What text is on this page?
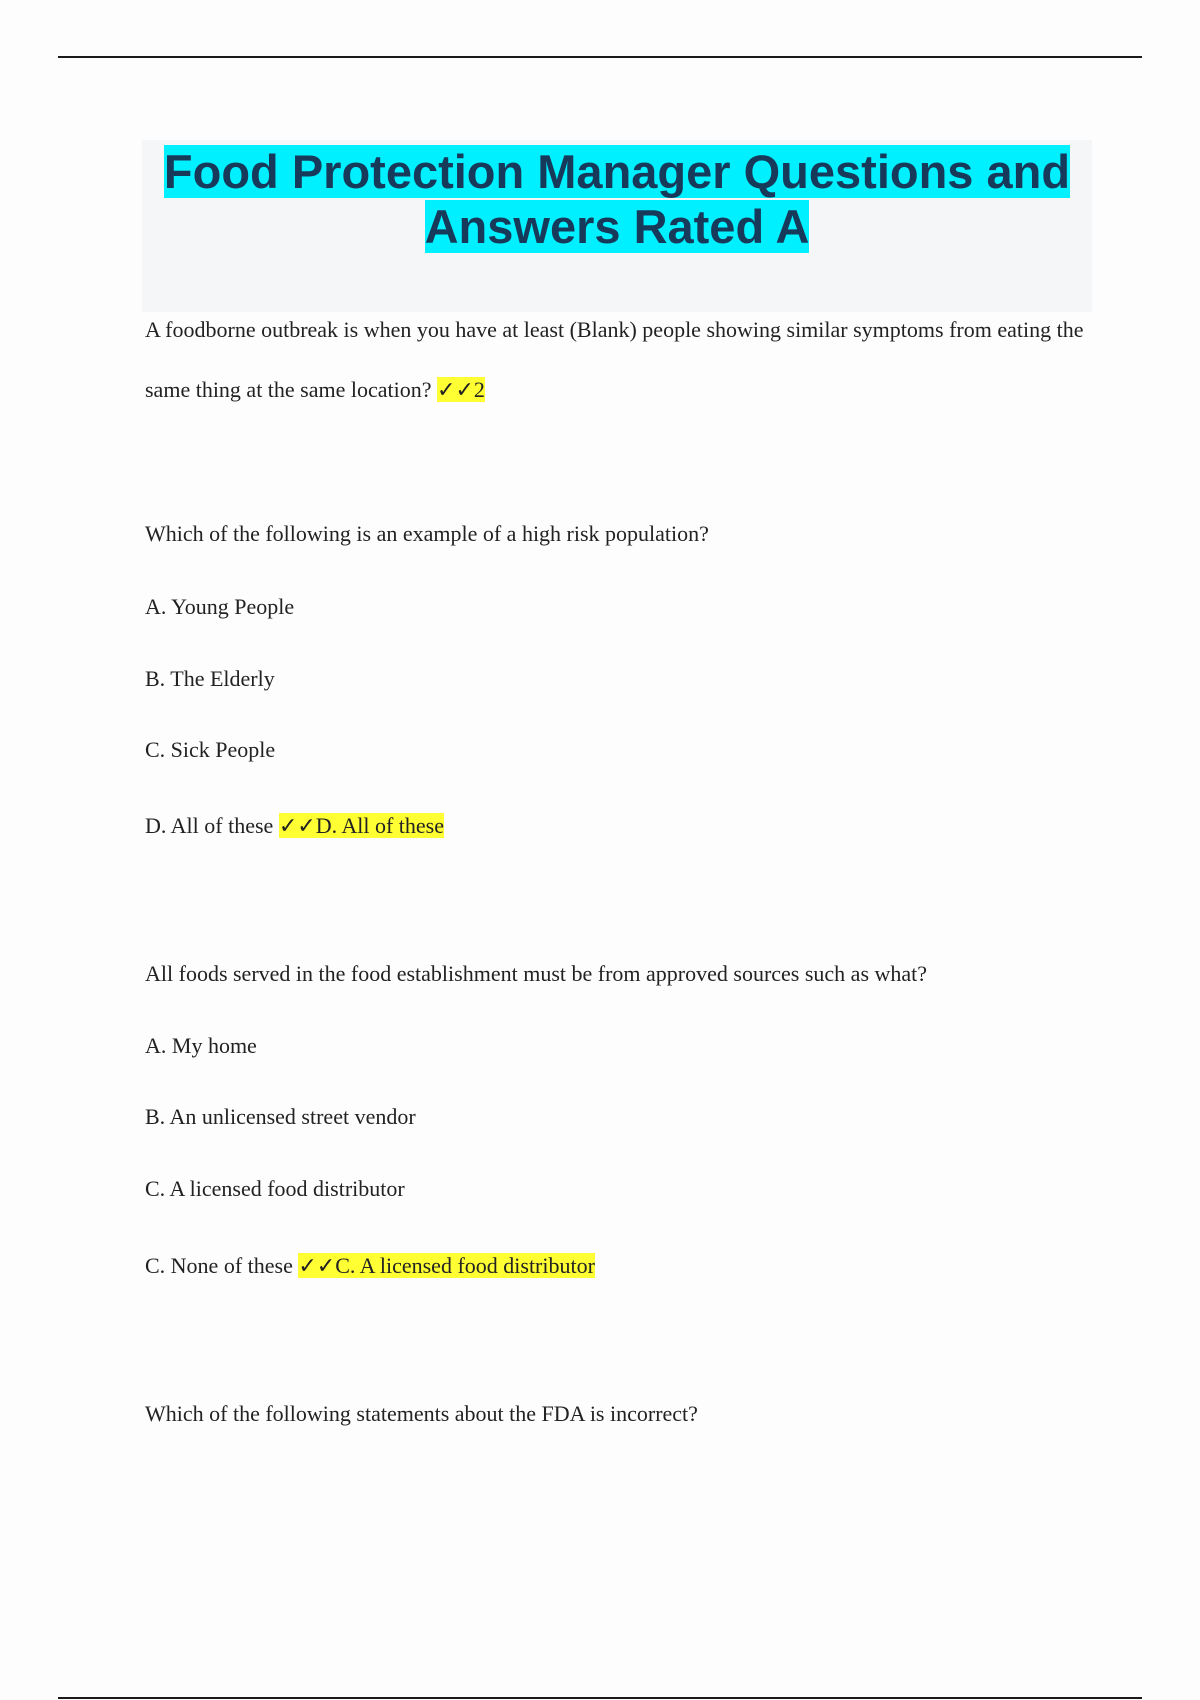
Food Protection Manager Questions and Answers Rated A

A foodborne outbreak is when you have at least (Blank) people showing similar symptoms from eating the same thing at the same location? ✓✓2

Which of the following is an example of a high risk population?

A. Young People

B. The Elderly

C. Sick People

D. All of these ✓✓D. All of these

All foods served in the food establishment must be from approved sources such as what?

A. My home

B. An unlicensed street vendor

C. A licensed food distributor

C. None of these ✓✓C. A licensed food distributor

Which of the following statements about the FDA is incorrect?
